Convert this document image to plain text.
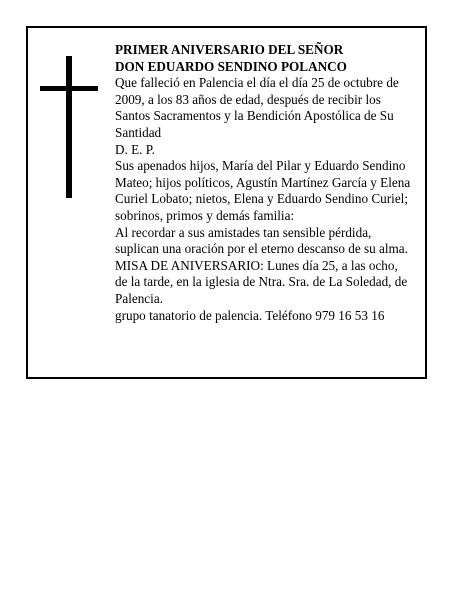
PRIMER ANIVERSARIO DEL SEÑOR
DON EDUARDO SENDINO POLANCO
Que falleció en Palencia el día el día 25 de octubre de
2009, a los 83 años de edad, después de recibir los
Santos Sacramentos y la Bendición Apostólica de Su
Santidad
D. E. P.
Sus apenados hijos, María del Pilar y Eduardo Sendino
Mateo; hijos políticos, Agustín Martínez García y Elena
Curiel Lobato; nietos, Elena y Eduardo Sendino Curiel;
sobrinos, primos y demás familia:
Al recordar a sus amistades tan sensible pérdida,
suplican una oración por el eterno descanso de su alma.
MISA DE ANIVERSARIO: Lunes día 25, a las ocho,
de la tarde, en la iglesia de Ntra. Sra. de La Soledad, de
Palencia.
grupo tanatorio de palencia. Teléfono 979 16 53 16
